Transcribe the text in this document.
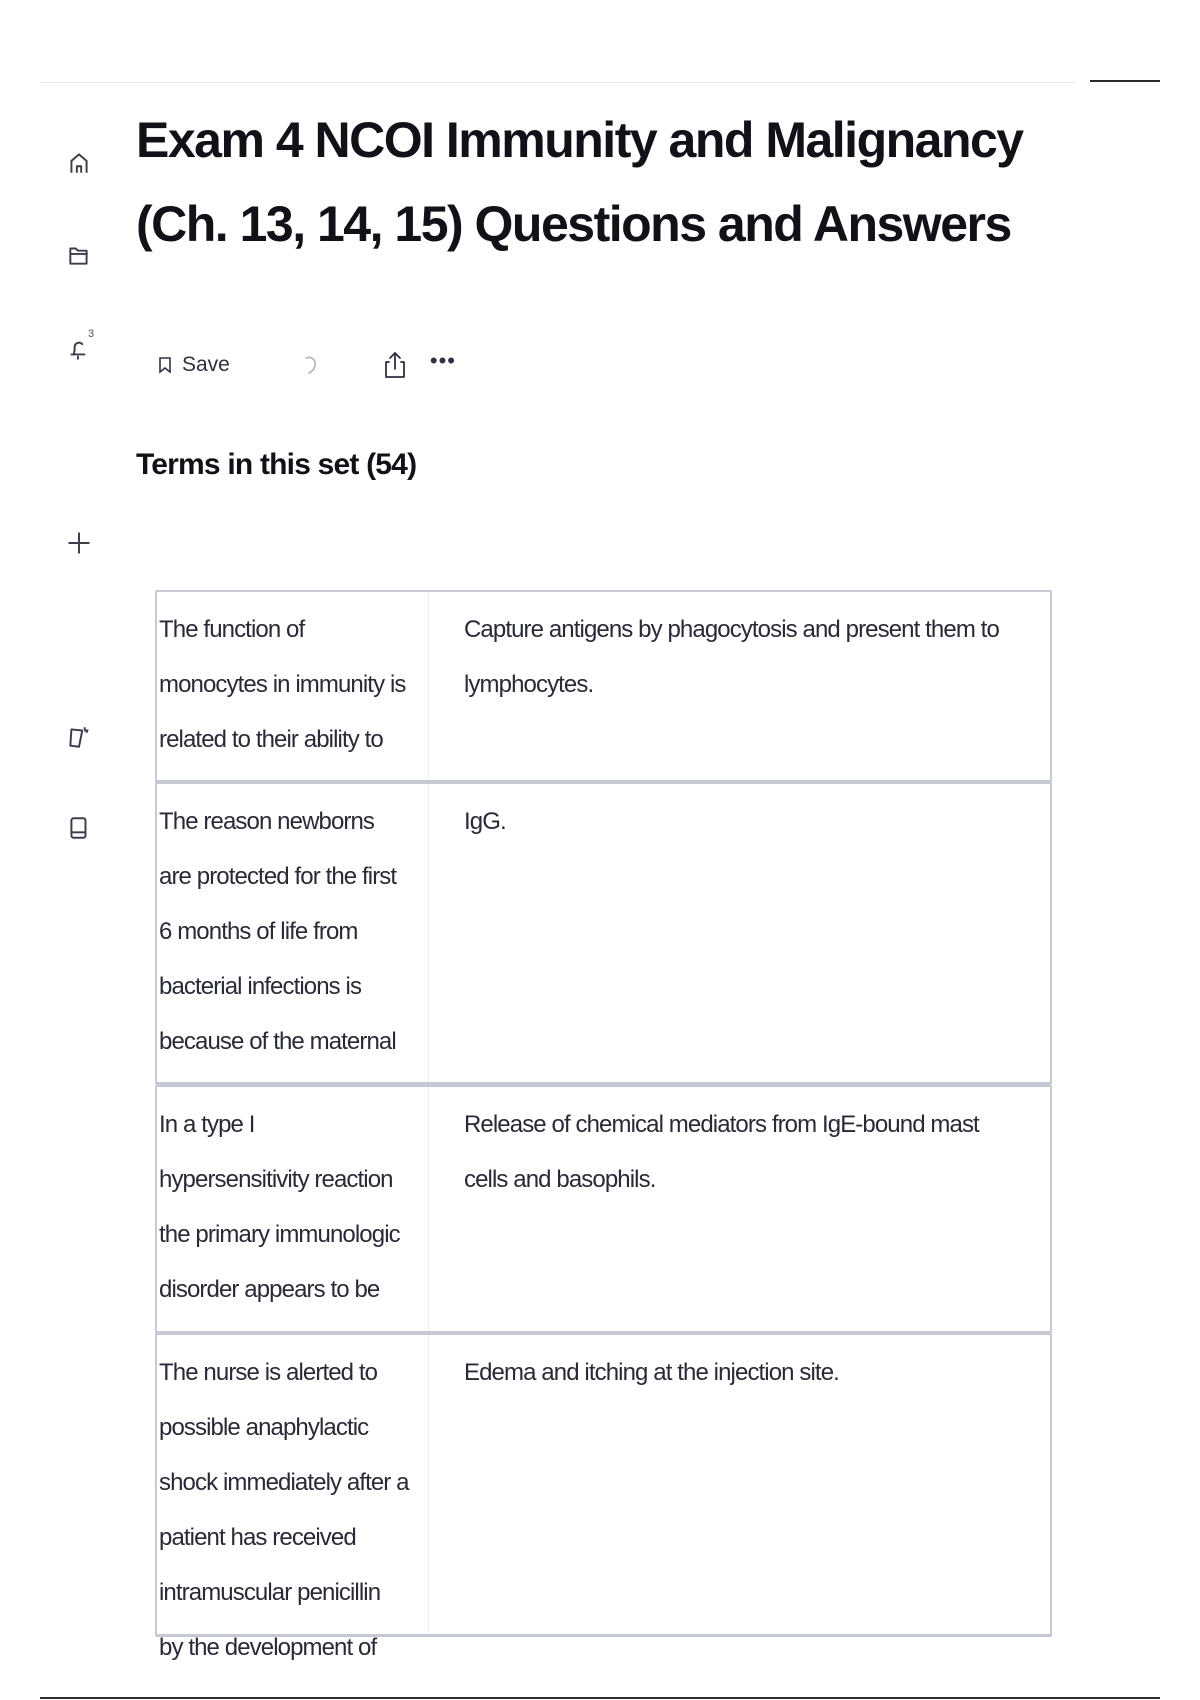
3
Exam 4 NCOI Immunity and Malignancy (Ch. 13, 14, 15) Questions and Answers
Save	•••
Terms in this set (54)
The function of monocytes in immunity is related to their ability to
Capture antigens by phagocytosis and present them to lymphocytes.
The reason newborns are protected for the first 6 months of life from bacterial infections is because of the maternal
IgG.
In a type I hypersensitivity reaction the primary immunologic disorder appears to be
Release of chemical mediators from IgE-bound mast cells and basophils.
The nurse is alerted to possible anaphylactic shock immediately after a patient has received intramuscular penicillin by the development of
Edema and itching at the injection site.
